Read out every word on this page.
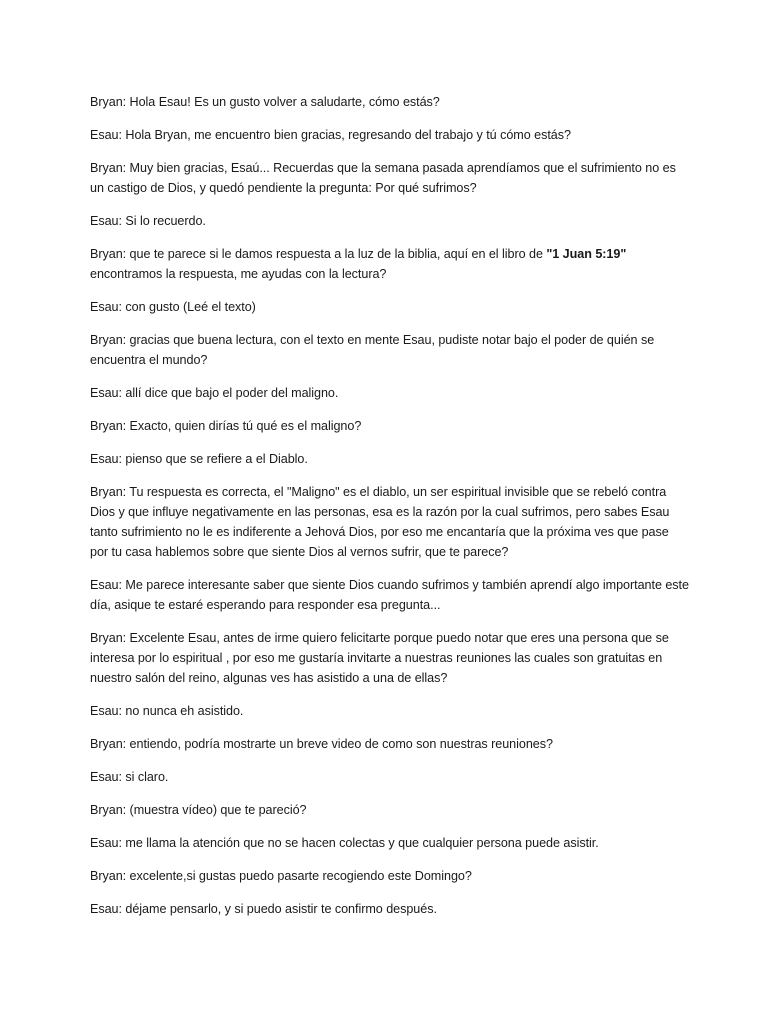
Bryan: Hola Esau! Es un gusto volver a saludarte, cómo estás?

Esau: Hola Bryan, me encuentro bien gracias, regresando del trabajo y tú cómo estás?

Bryan: Muy bien gracias, Esaú... Recuerdas que la semana pasada aprendíamos que el sufrimiento no es un castigo de Dios, y quedó pendiente la pregunta: Por qué sufrimos?

Esau: Si lo recuerdo.

Bryan: que te parece si le damos respuesta a la luz de la biblia, aquí en el libro de "1 Juan 5:19" encontramos la respuesta, me ayudas con la lectura?

Esau: con gusto (Leé el texto)

Bryan: gracias que buena lectura, con el texto en mente Esau, pudiste notar bajo el poder de quién se encuentra el mundo?

Esau: allí dice que bajo el poder del maligno.

Bryan: Exacto, quien dirías tú qué es el maligno?

Esau: pienso que se refiere a el Diablo.

Bryan: Tu respuesta es correcta, el "Maligno" es el diablo, un ser espiritual invisible que se rebeló contra Dios y que influye negativamente en las personas, esa es la razón por la cual sufrimos, pero sabes Esau tanto sufrimiento no le es indiferente a Jehová Dios, por eso me encantaría que la próxima ves que pase por tu casa hablemos sobre que siente Dios al vernos sufrir, que te parece?

Esau: Me parece interesante saber que siente Dios cuando sufrimos y también aprendí algo importante este día, asique te estaré esperando para responder esa pregunta...

Bryan: Excelente Esau, antes de irme quiero felicitarte porque puedo notar que eres una persona que se interesa por lo espiritual , por eso me gustaría invitarte a nuestras reuniones las cuales son gratuitas en nuestro salón del reino, algunas ves has asistido a una de ellas?

Esau: no nunca eh asistido.

Bryan: entiendo, podría mostrarte un breve video de como son nuestras reuniones?

Esau: si claro.

Bryan: (muestra vídeo) que te pareció?

Esau: me llama la atención que no se hacen colectas y que cualquier persona puede asistir.

Bryan: excelente,si gustas puedo pasarte recogiendo este Domingo?

Esau: déjame pensarlo, y si puedo asistir te confirmo después.
